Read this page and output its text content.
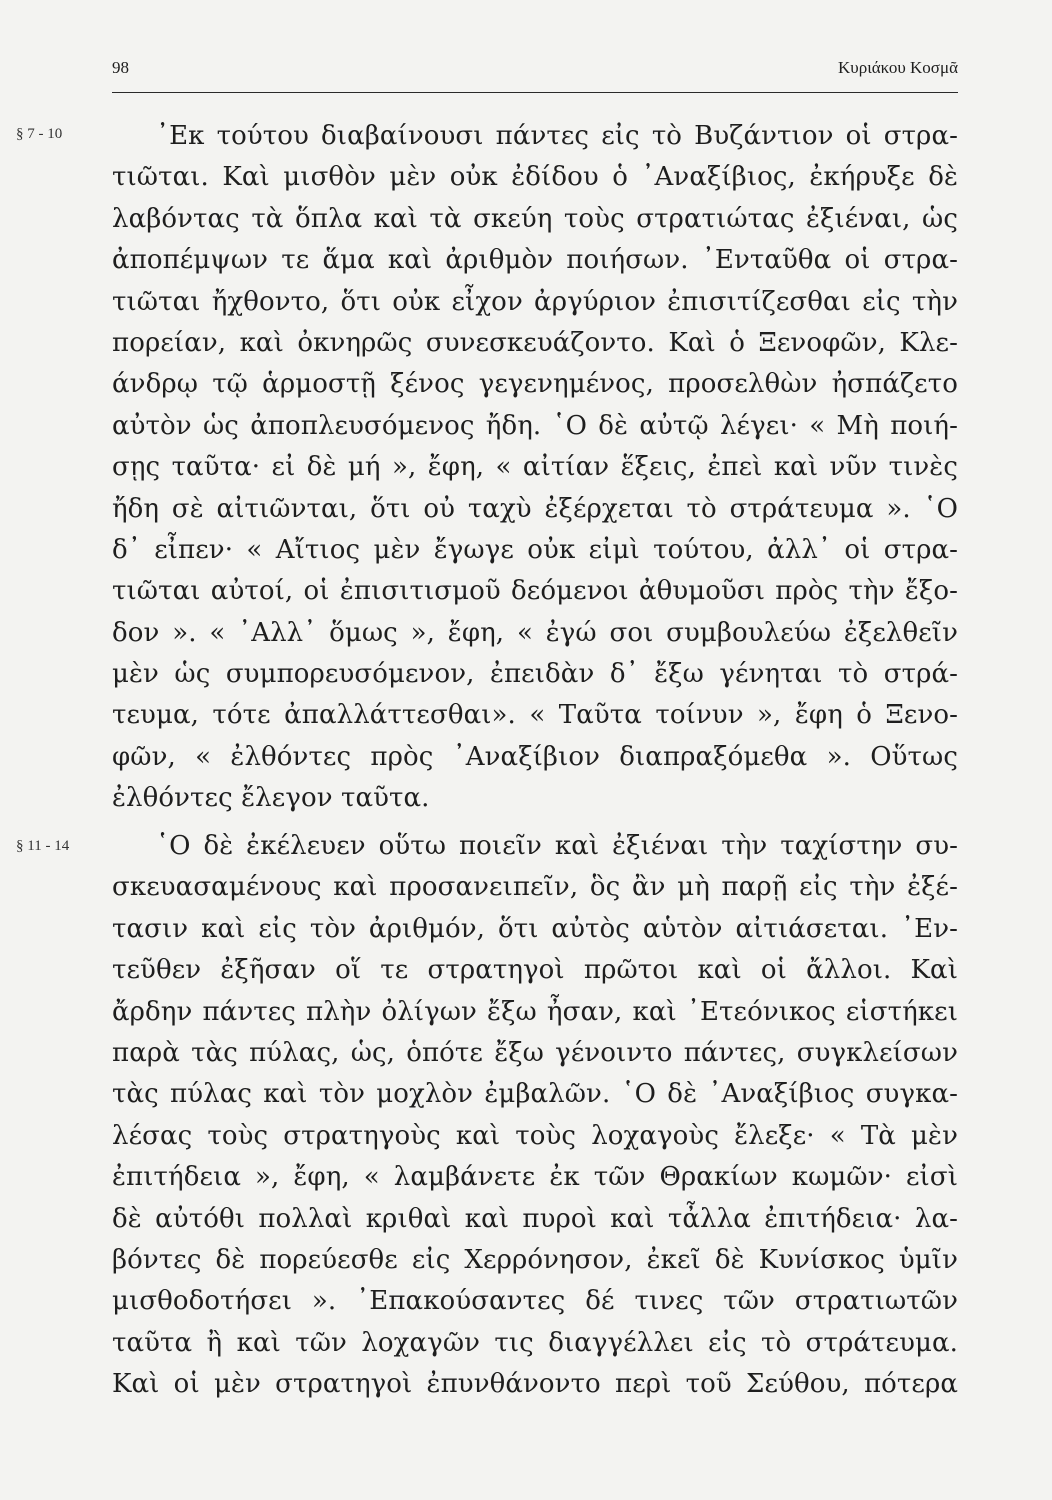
98	Κυριάκου Κοσμᾶ
§ 7 - 10	᾿Εκ τούτου διαβαίνουσι πάντες εἰς τὸ Βυζάντιον οἱ στρα-
τιῶται. Καὶ μισθὸν μὲν οὐκ ἐδίδου ὁ ᾿Αναξίβιος, ἐκήρυξε δὲ
λαβόντας τὰ ὅπλα καὶ τὰ σκεύη τοὺς στρατιώτας ἐξιέναι, ὡς
ἀποπέμψων τε ἅμα καὶ ἀριθμὸν ποιήσων. ᾿Ενταῦθα οἱ στρα-
τιῶται ἤχθοντο, ὅτι οὐκ εἶχον ἀργύριον ἐπισιτίζεσθαι εἰς τὴν
πορείαν, καὶ ὀκνηρῶς συνεσκευάζοντο. Καὶ ὁ Ξενοφῶν, Κλε-
άνδρῳ τῷ ἁρμοστῇ ξένος γεγενημένος, προσελθὼν ἠσπάζετο
αὐτὸν ὡς ἀποπλευσόμενος ἤδη. ῾Ο δὲ αὐτῷ λέγει· « Μὴ ποιή-
σῃς ταῦτα· εἰ δὲ μή », ἔφη, « αἰτίαν ἕξεις, ἐπεὶ καὶ νῦν τινὲς
ἤδη σὲ αἰτιῶνται, ὅτι οὐ ταχὺ ἐξέρχεται τὸ στράτευμα ». ῾Ο
δ᾿ εἶπεν· « Αἴτιος μὲν ἔγωγε οὐκ εἰμὶ τούτου, ἀλλ᾿ οἱ στρα-
τιῶται αὐτοί, οἱ ἐπισιτισμοῦ δεόμενοι ἀθυμοῦσι πρὸς τὴν ἔξο-
δον ». « ᾿Αλλ᾿ ὅμως », ἔφη, « ἐγώ σοι συμβουλεύω ἐξελθεῖν
μὲν ὡς συμπορευσόμενον, ἐπειδὰν δ᾿ ἔξω γένηται τὸ στρά-
τευμα, τότε ἀπαλλάττεσθαι». « Ταῦτα τοίνυν », ἔφη ὁ Ξενο-
φῶν, « ἐλθόντες πρὸς ᾿Αναξίβιον διαπραξόμεθα ». Οὕτως
ἐλθόντες ἔλεγον ταῦτα.
§ 11 - 14	῾Ο δὲ ἐκέλευεν οὕτω ποιεῖν καὶ ἐξιέναι τὴν ταχίστην συ-
σκευασαμένους καὶ προσανειπεῖν, ὃς ἂν μὴ παρῇ εἰς τὴν ἐξέ-
τασιν καὶ εἰς τὸν ἀριθμόν, ὅτι αὐτὸς αὑτὸν αἰτιάσεται. ᾿Εν-
τεῦθεν ἐξῆσαν οἵ τε στρατηγοὶ πρῶτοι καὶ οἱ ἄλλοι. Καὶ
ἄρδην πάντες πλὴν ὀλίγων ἔξω ἦσαν, καὶ ᾿Ετεόνικος εἱστήκει
παρὰ τὰς πύλας, ὡς, ὁπότε ἔξω γένοιντο πάντες, συγκλείσων
τὰς πύλας καὶ τὸν μοχλὸν ἐμβαλῶν. ῾Ο δὲ ᾿Αναξίβιος συγκα-
λέσας τοὺς στρατηγοὺς καὶ τοὺς λοχαγοὺς ἔλεξε· « Τὰ μὲν
ἐπιτήδεια », ἔφη, « λαμβάνετε ἐκ τῶν Θρακίων κωμῶν· εἰσὶ
δὲ αὐτόθι πολλαὶ κριθαὶ καὶ πυροὶ καὶ τἆλλα ἐπιτήδεια· λα-
βόντες δὲ πορεύεσθε εἰς Χερρόνησον, ἐκεῖ δὲ Κυνίσκος ὑμῖν
μισθοδοτήσει ». ᾿Επακούσαντες δέ τινες τῶν στρατιωτῶν
ταῦτα ἢ καὶ τῶν λοχαγῶν τις διαγγέλλει εἰς τὸ στράτευμα.
Καὶ οἱ μὲν στρατηγοὶ ἐπυνθάνοντο περὶ τοῦ Σεύθου, πότερα
